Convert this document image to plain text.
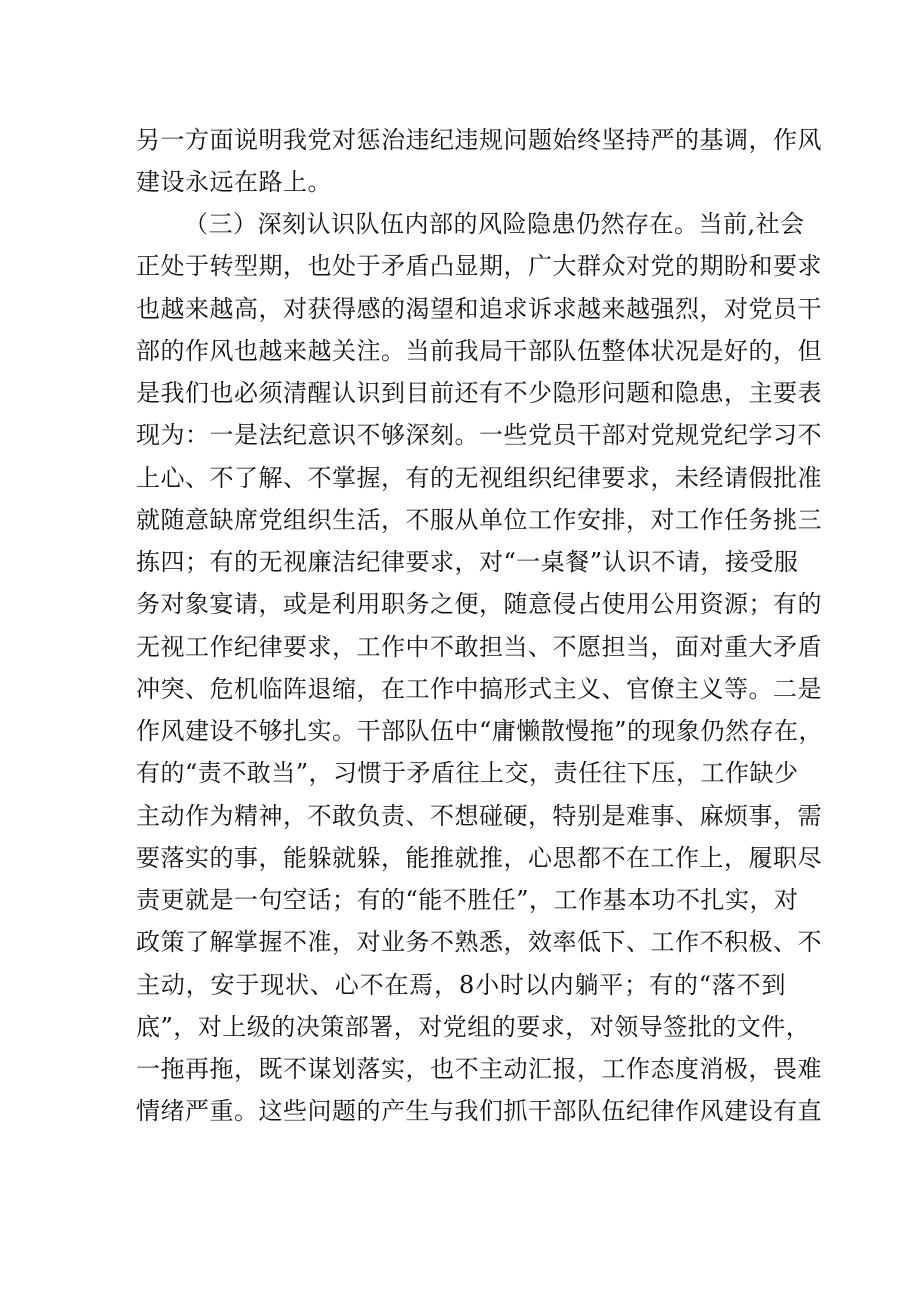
另一方面说明我党对惩治违纪违规问题始终坚持严的基调，作风
建设永远在路上。
（三）深刻认识队伍内部的风险隐患仍然存在。当前,社会
正处于转型期，也处于矛盾凸显期，广大群众对党的期盼和要求
也越来越高，对获得感的渴望和追求诉求越来越强烈，对党员干
部的作风也越来越关注。当前我局干部队伍整体状况是好的，但
是我们也必须清醒认识到目前还有不少隐形问题和隐患，主要表
现为：一是法纪意识不够深刻。一些党员干部对党规党纪学习不
上心、不了解、不掌握，有的无视组织纪律要求，未经请假批准
就随意缺席党组织生活，不服从单位工作安排，对工作任务挑三
拣四；有的无视廉洁纪律要求，对“一桌餐”认识不请，接受服
务对象宴请，或是利用职务之便，随意侵占使用公用资源；有的
无视工作纪律要求，工作中不敢担当、不愿担当，面对重大矛盾
冲突、危机临阵退缩，在工作中搞形式主义、官僚主义等。二是
作风建设不够扎实。干部队伍中“庸懒散慢拖”的现象仍然存在，
有的“责不敢当”，习惯于矛盾往上交，责任往下压，工作缺少
主动作为精神，不敢负责、不想碰硬，特别是难事、麻烦事，需
要落实的事，能躲就躲，能推就推，心思都不在工作上，履职尽
责更就是一句空话；有的“能不胜任”，工作基本功不扎实，对
政策了解掌握不准，对业务不熟悉，效率低下、工作不积极、不
主动，安于现状、心不在焉，8小时以内躺平；有的“落不到
底”，对上级的决策部署，对党组的要求，对领导签批的文件，
一拖再拖，既不谋划落实，也不主动汇报，工作态度消极，畏难
情绪严重。这些问题的产生与我们抓干部队伍纪律作风建设有直
